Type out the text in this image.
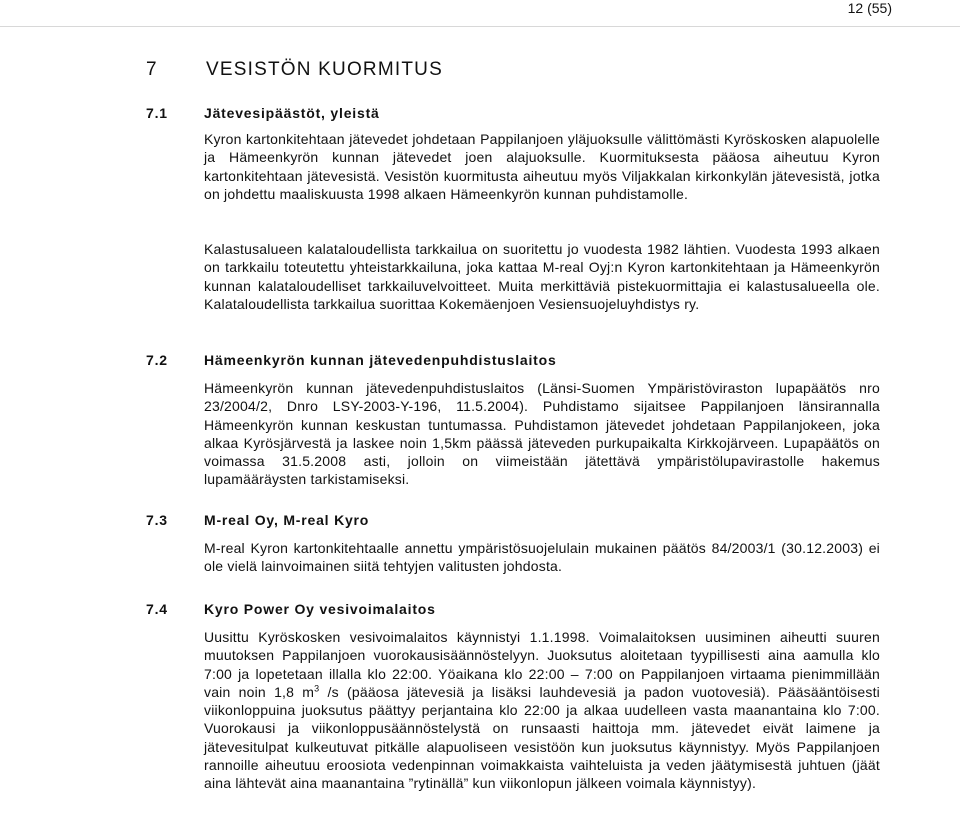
12 (55)
7	VESISTÖN KUORMITUS
7.1	Jätevesipäästöt, yleistä

Kyron kartonkitehtaan jätevedet johdetaan Pappilanjoen yläjuoksulle välittömästi Kyröskosken alapuolelle ja Hämeenkyrön kunnan jätevedet joen alajuoksulle. Kuormituksesta pääosa aiheutuu Kyron kartonkitehtaan jätevesistä. Vesistön kuormitusta aiheutuu myös Viljakkalan kirkonkylän jätevesistä, jotka on johdettu maaliskuusta 1998 alkaen Hämeenkyrön kunnan puhdistamolle.

Kalastusalueen kalataloudellista tarkkailua on suoritettu jo vuodesta 1982 lähtien. Vuodesta 1993 alkaen on tarkkailu toteutettu yhteistarkkailuna, joka kattaa M-real Oyj:n Kyron kartonkitehtaan ja Hämeenkyrön kunnan kalataloudelliset tarkkailuvelvoitteet. Muita merkittäviä pistekuormittajia ei kalastusalueella ole. Kalataloudellista tarkkailua suorittaa Kokemäenjoen Vesiensuojeluyhdistys ry.

7.2	Hämeenkyrön kunnan jätevedenpuhdistuslaitos

Hämeenkyrön kunnan jätevedenpuhdistuslaitos (Länsi-Suomen Ympäristöviraston lupapäätös nro 23/2004/2, Dnro LSY-2003-Y-196, 11.5.2004). Puhdistamo sijaitsee Pappilanjoen länsirannalla Hämeenkyrön kunnan keskustan tuntumassa. Puhdistamon jätevedet johdetaan Pappilanjokeen, joka alkaa Kyrösjärvestä ja laskee noin 1,5km päässä jäteveden purkupaikalta Kirkkojärveen. Lupapäätös on voimassa 31.5.2008 asti, jolloin on viimeistään jätettävä ympäristölupavirastolle hakemus lupamääräysten tarkistamiseksi.

7.3	M-real Oy, M-real Kyro

M-real Kyron kartonkitehtaalle annettu ympäristösuojelulain mukainen päätös 84/2003/1 (30.12.2003) ei ole vielä lainvoimainen siitä tehtyjen valitusten johdosta.

7.4	Kyro Power Oy vesivoimalaitos

Uusittu Kyröskosken vesivoimalaitos käynnistyi 1.1.1998. Voimalaitoksen uusiminen aiheutti suuren muutoksen Pappilanjoen vuorokausisäännöstelyyn. Juoksutus aloitetaan tyypillisesti aina aamulla klo 7:00 ja lopetetaan illalla klo 22:00. Yöaikana klo 22:00 – 7:00 on Pappilanjoen virtaama pienimmillään vain noin 1,8 $m^3$ /s (pääosa jätevesiä ja lisäksi lauhdevesiä ja padon vuotovesiä). Pääsääntöisesti viikonloppuina juoksutus päättyy perjantaina klo 22:00 ja alkaa uudelleen vasta maanantaina klo 7:00. Vuorokausi ja viikonloppusäännöstelystä on runsaasti haittoja mm. jätevedet eivät laimene ja jätevesitulpat kulkeutuvat pitkälle alapuoliseen vesistöön kun juoksutus käynnistyy. Myös Pappilanjoen rannoille aiheutuu eroosiota vedenpinnan voimakkaista vaihteluista ja veden jäätymisestä juhtuen (jäät aina lähtevät aina maanantaina ”rytinällä” kun viikonlopun jälkeen voimala käynnistyy).
